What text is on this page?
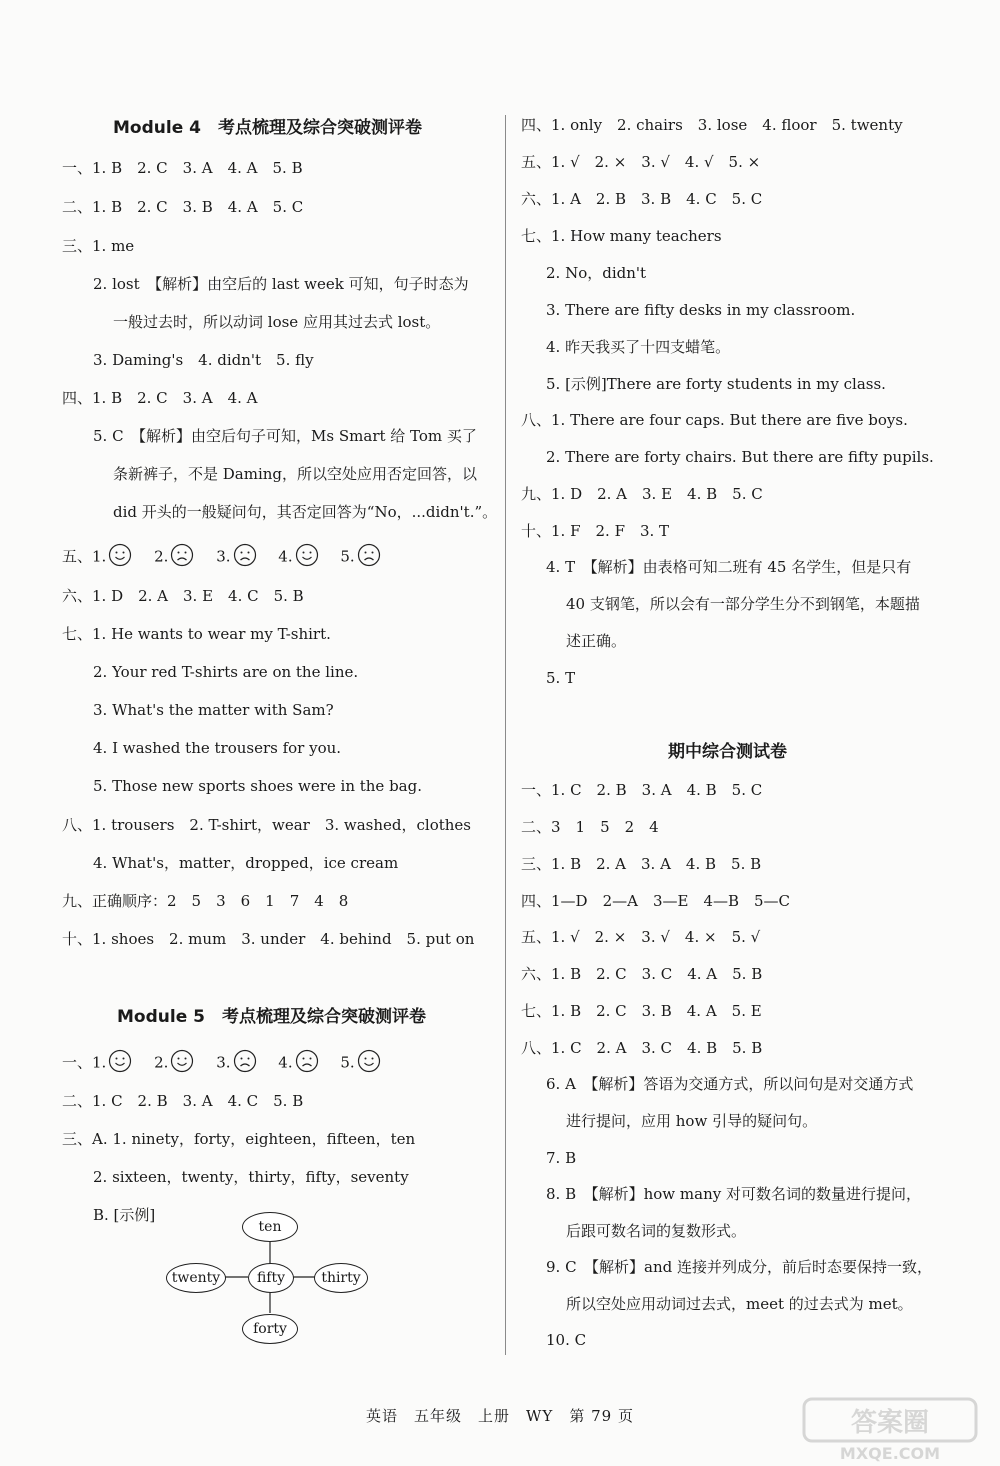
Module 4　考点梳理及综合突破测评卷
一、1. B　2. C　3. A　4. A　5. B
二、1. B　2. C　3. B　4. A　5. C
三、1. me
2. lost　【解析】由空后的 last week 可知，句子时态为
一般过去时，所以动词 lose 应用其过去式 lost。
3. Daming's　4. didn't　5. fly
四、1. B　2. C　3. A　4. A
5. C　【解析】由空后句子可知，Ms Smart 给 Tom 买了
条新裤子，不是 Daming，所以空处应用否定回答，以
did 开头的一般疑问句，其否定回答为“No，...didn't.”。
五、1. 　	2. 　	3. 　	4. 　	5.
六、1. D　2. A　3. E　4. C　5. B
七、1. He wants to wear my T-shirt.
2. Your red T-shirts are on the line.
3. What's the matter with Sam?
4. I washed the trousers for you.
5. Those new sports shoes were in the bag.
八、1. trousers　2. T-shirt，wear　3. washed，clothes
4. What's，matter，dropped，ice cream
九、正确顺序：2　5　3　6　1　7　4　8
十、1. shoes　2. mum　3. under　4. behind　5. put on
Module 5　考点梳理及综合突破测评卷
一、1. 　	2. 　	3. 　	4. 　	5.
二、1. C　2. B　3. A　4. C　5. B
三、A. 1. ninety，forty，eighteen，fifteen，ten
2. sixteen，twenty，thirty，fifty，seventy
B. [示例]
ten
twenty	fifty	thirty
forty
四、1. only　2. chairs　3. lose　4. floor　5. twenty
五、1. √　2. ×　3. √　4. √　5. ×
六、1. A　2. B　3. B　4. C　5. C
七、1. How many teachers
2. No，didn't
3. There are fifty desks in my classroom.
4. 昨天我买了十四支蜡笔。
5. [示例]There are forty students in my class.
八、1. There are four caps. But there are five boys.
2. There are forty chairs. But there are fifty pupils.
九、1. D　2. A　3. E　4. B　5. C
十、1. F　2. F　3. T
4. T　【解析】由表格可知二班有 45 名学生，但是只有
40 支钢笔，所以会有一部分学生分不到钢笔，本题描
述正确。
5. T
期中综合测试卷
一、1. C　2. B　3. A　4. B　5. C
二、3　1　5　2　4
三、1. B　2. A　3. A　4. B　5. B
四、1—D　2—A　3—E　4—B　5—C
五、1. √　2. ×　3. √　4. ×　5. √
六、1. B　2. C　3. C　4. A　5. B
七、1. B　2. C　3. B　4. A　5. E
八、1. C　2. A　3. C　4. B　5. B
6. A　【解析】答语为交通方式，所以问句是对交通方式
进行提问，应用 how 引导的疑问句。
7. B
8. B　【解析】how many 对可数名词的数量进行提问，
后跟可数名词的复数形式。
9. C　【解析】and 连接并列成分，前后时态要保持一致，
所以空处应用动词过去式，meet 的过去式为 met。
10. C
英语　五年级　上册　WY　第 79 页	答案圈
MXQE.COM
